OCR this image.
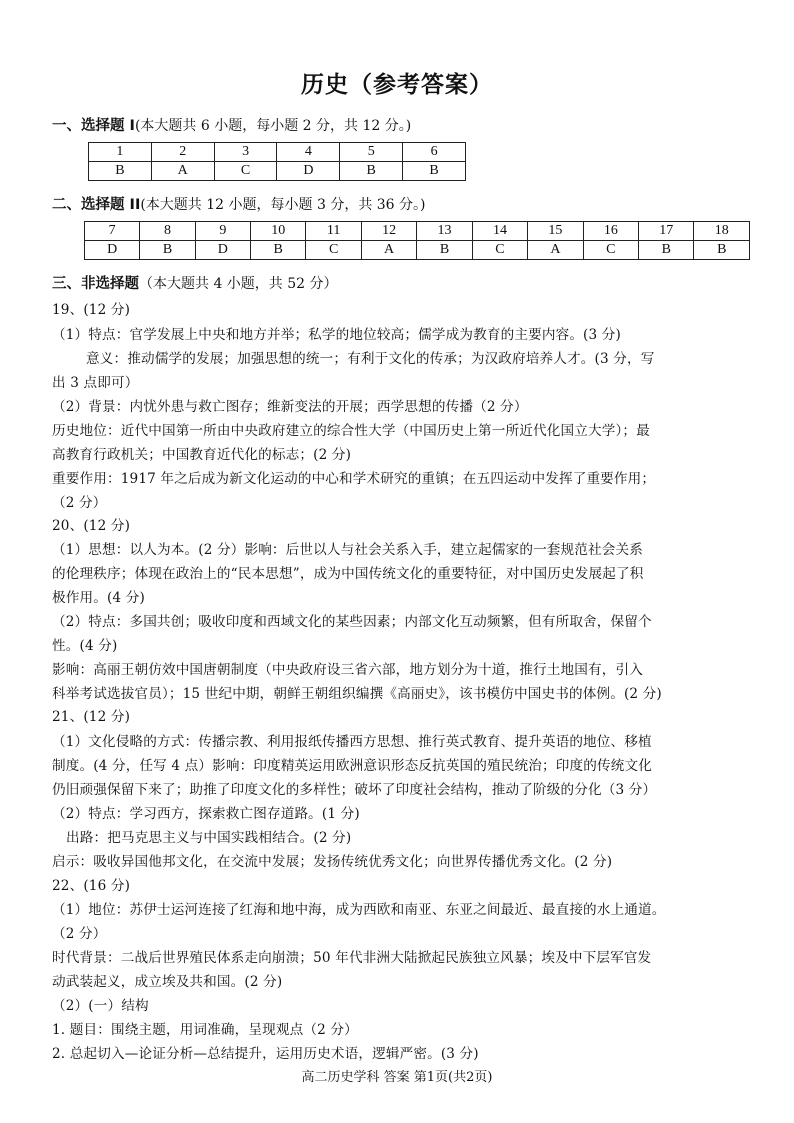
历史（参考答案）
一、选择题 I(本大题共 6 小题，每小题 2 分，共 12 分。)
1	2	3	4	5	6
B	A	C	D	B	B
二、选择题 II(本大题共 12 小题，每小题 3 分，共 36 分。)
7	8	9	10	11	12	13	14	15	16	17	18
D	B	D	B	C	A	B	C	A	C	B	B
三、非选择题（本大题共 4 小题，共 52 分）
19、(12 分)
（1）特点：官学发展上中央和地方并举；私学的地位较高；儒学成为教育的主要内容。(3 分)
意义：推动儒学的发展；加强思想的统一；有利于文化的传承；为汉政府培养人才。(3 分，写
出 3 点即可）
（2）背景：内忧外患与救亡图存；维新变法的开展；西学思想的传播（2 分）
历史地位：近代中国第一所由中央政府建立的综合性大学（中国历史上第一所近代化国立大学）；最
高教育行政机关；中国教育近代化的标志；(2 分)
重要作用：1917 年之后成为新文化运动的中心和学术研究的重镇；在五四运动中发挥了重要作用；
（2 分）
20、(12 分)
（1）思想：以人为本。(2 分）影响：后世以人与社会关系入手，建立起儒家的一套规范社会关系
的伦理秩序；体现在政治上的“民本思想”，成为中国传统文化的重要特征，对中国历史发展起了积
极作用。(4 分)
（2）特点：多国共创；吸收印度和西域文化的某些因素；内部文化互动频繁，但有所取舍，保留个
性。(4 分)
影响：高丽王朝仿效中国唐朝制度（中央政府设三省六部，地方划分为十道，推行土地国有，引入
科举考试选拔官员）；15 世纪中期，朝鲜王朝组织编撰《高丽史》，该书模仿中国史书的体例。(2 分)
21、(12 分)
（1）文化侵略的方式：传播宗教、利用报纸传播西方思想、推行英式教育、提升英语的地位、移植
制度。(4 分，任写 4 点）影响：印度精英运用欧洲意识形态反抗英国的殖民统治；印度的传统文化
仍旧顽强保留下来了；助推了印度文化的多样性；破坏了印度社会结构，推动了阶级的分化（3 分）
（2）特点：学习西方，探索救亡图存道路。(1 分)
出路：把马克思主义与中国实践相结合。(2 分)
启示：吸收异国他邦文化，在交流中发展；发扬传统优秀文化；向世界传播优秀文化。(2 分)
22、(16 分)
（1）地位：苏伊士运河连接了红海和地中海，成为西欧和南亚、东亚之间最近、最直接的水上通道。
（2 分）
时代背景：二战后世界殖民体系走向崩溃；50 年代非洲大陆掀起民族独立风暴；埃及中下层军官发
动武装起义，成立埃及共和国。(2 分)
（2）(一）结构
1. 题目：围绕主题，用词准确，呈现观点（2 分）
2. 总起切入—论证分析—总结提升，运用历史术语，逻辑严密。(3 分)
高二历史学科 答案 第1页(共2页)
